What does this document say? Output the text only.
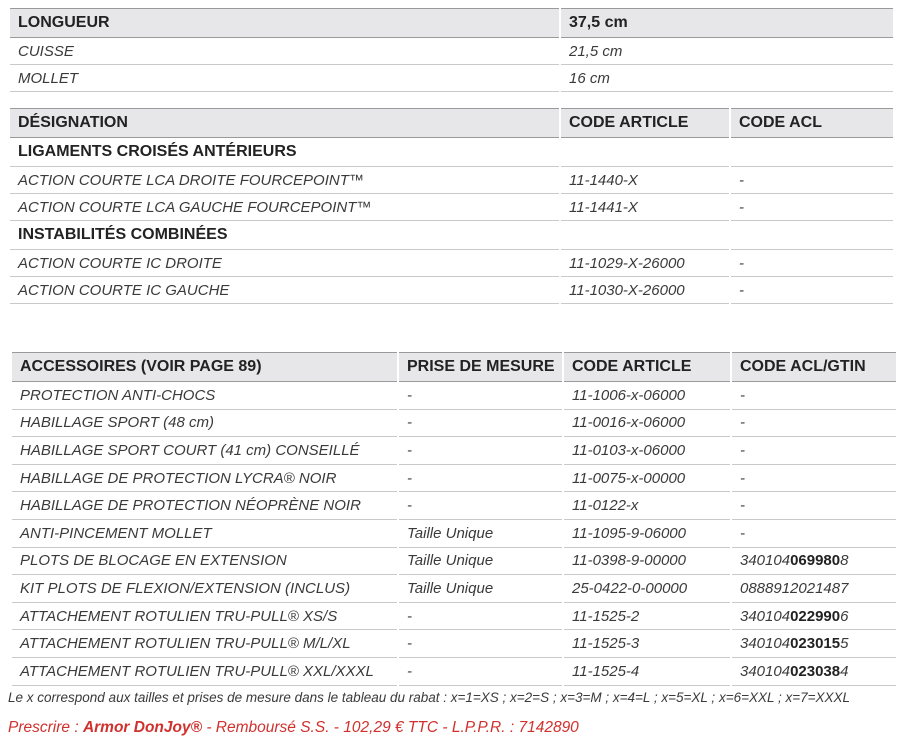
LONGUEUR	37,5 cm
CUISSE	21,5 cm
MOLLET	16 cm
DÉSIGNATION	CODE ARTICLE	CODE ACL
LIGAMENTS CROISÉS ANTÉRIEURS		
ACTION COURTE LCA DROITE FOURCEPOINT™	11-1440-X	-
ACTION COURTE LCA GAUCHE FOURCEPOINT™	11-1441-X	-
INSTABILITÉS COMBINÉES		
ACTION COURTE IC DROITE	11-1029-X-26000	-
ACTION COURTE IC GAUCHE	11-1030-X-26000	-
ACCESSOIRES (VOIR PAGE 89)	PRISE DE MESURE	CODE ARTICLE	CODE ACL/GTIN
PROTECTION ANTI-CHOCS	-	11-1006-x-06000	-
HABILLAGE SPORT (48 cm)	-	11-0016-x-06000	-
HABILLAGE SPORT COURT (41 cm) CONSEILLÉ	-	11-0103-x-06000	-
HABILLAGE DE PROTECTION LYCRA® NOIR	-	11-0075-x-00000	-
HABILLAGE DE PROTECTION NÉOPRÈNE NOIR	-	11-0122-x	-
ANTI-PINCEMENT MOLLET	Taille Unique	11-1095-9-06000	-
PLOTS DE BLOCAGE EN EXTENSION	Taille Unique	11-0398-9-00000	3401040699808
KIT PLOTS DE FLEXION/EXTENSION (INCLUS)	Taille Unique	25-0422-0-00000	0888912021487
ATTACHEMENT ROTULIEN TRU-PULL® XS/S	-	11-1525-2	3401040229906
ATTACHEMENT ROTULIEN TRU-PULL® M/L/XL	-	11-1525-3	3401040230155
ATTACHEMENT ROTULIEN TRU-PULL® XXL/XXXL	-	11-1525-4	3401040230384
Le x correspond aux tailles et prises de mesure dans le tableau du rabat : x=1=XS ; x=2=S ; x=3=M ; x=4=L ; x=5=XL ; x=6=XXL ; x=7=XXXL
Prescrire : Armor DonJoy® - Remboursé S.S. - 102,29 € TTC - L.P.P.R. : 7142890
